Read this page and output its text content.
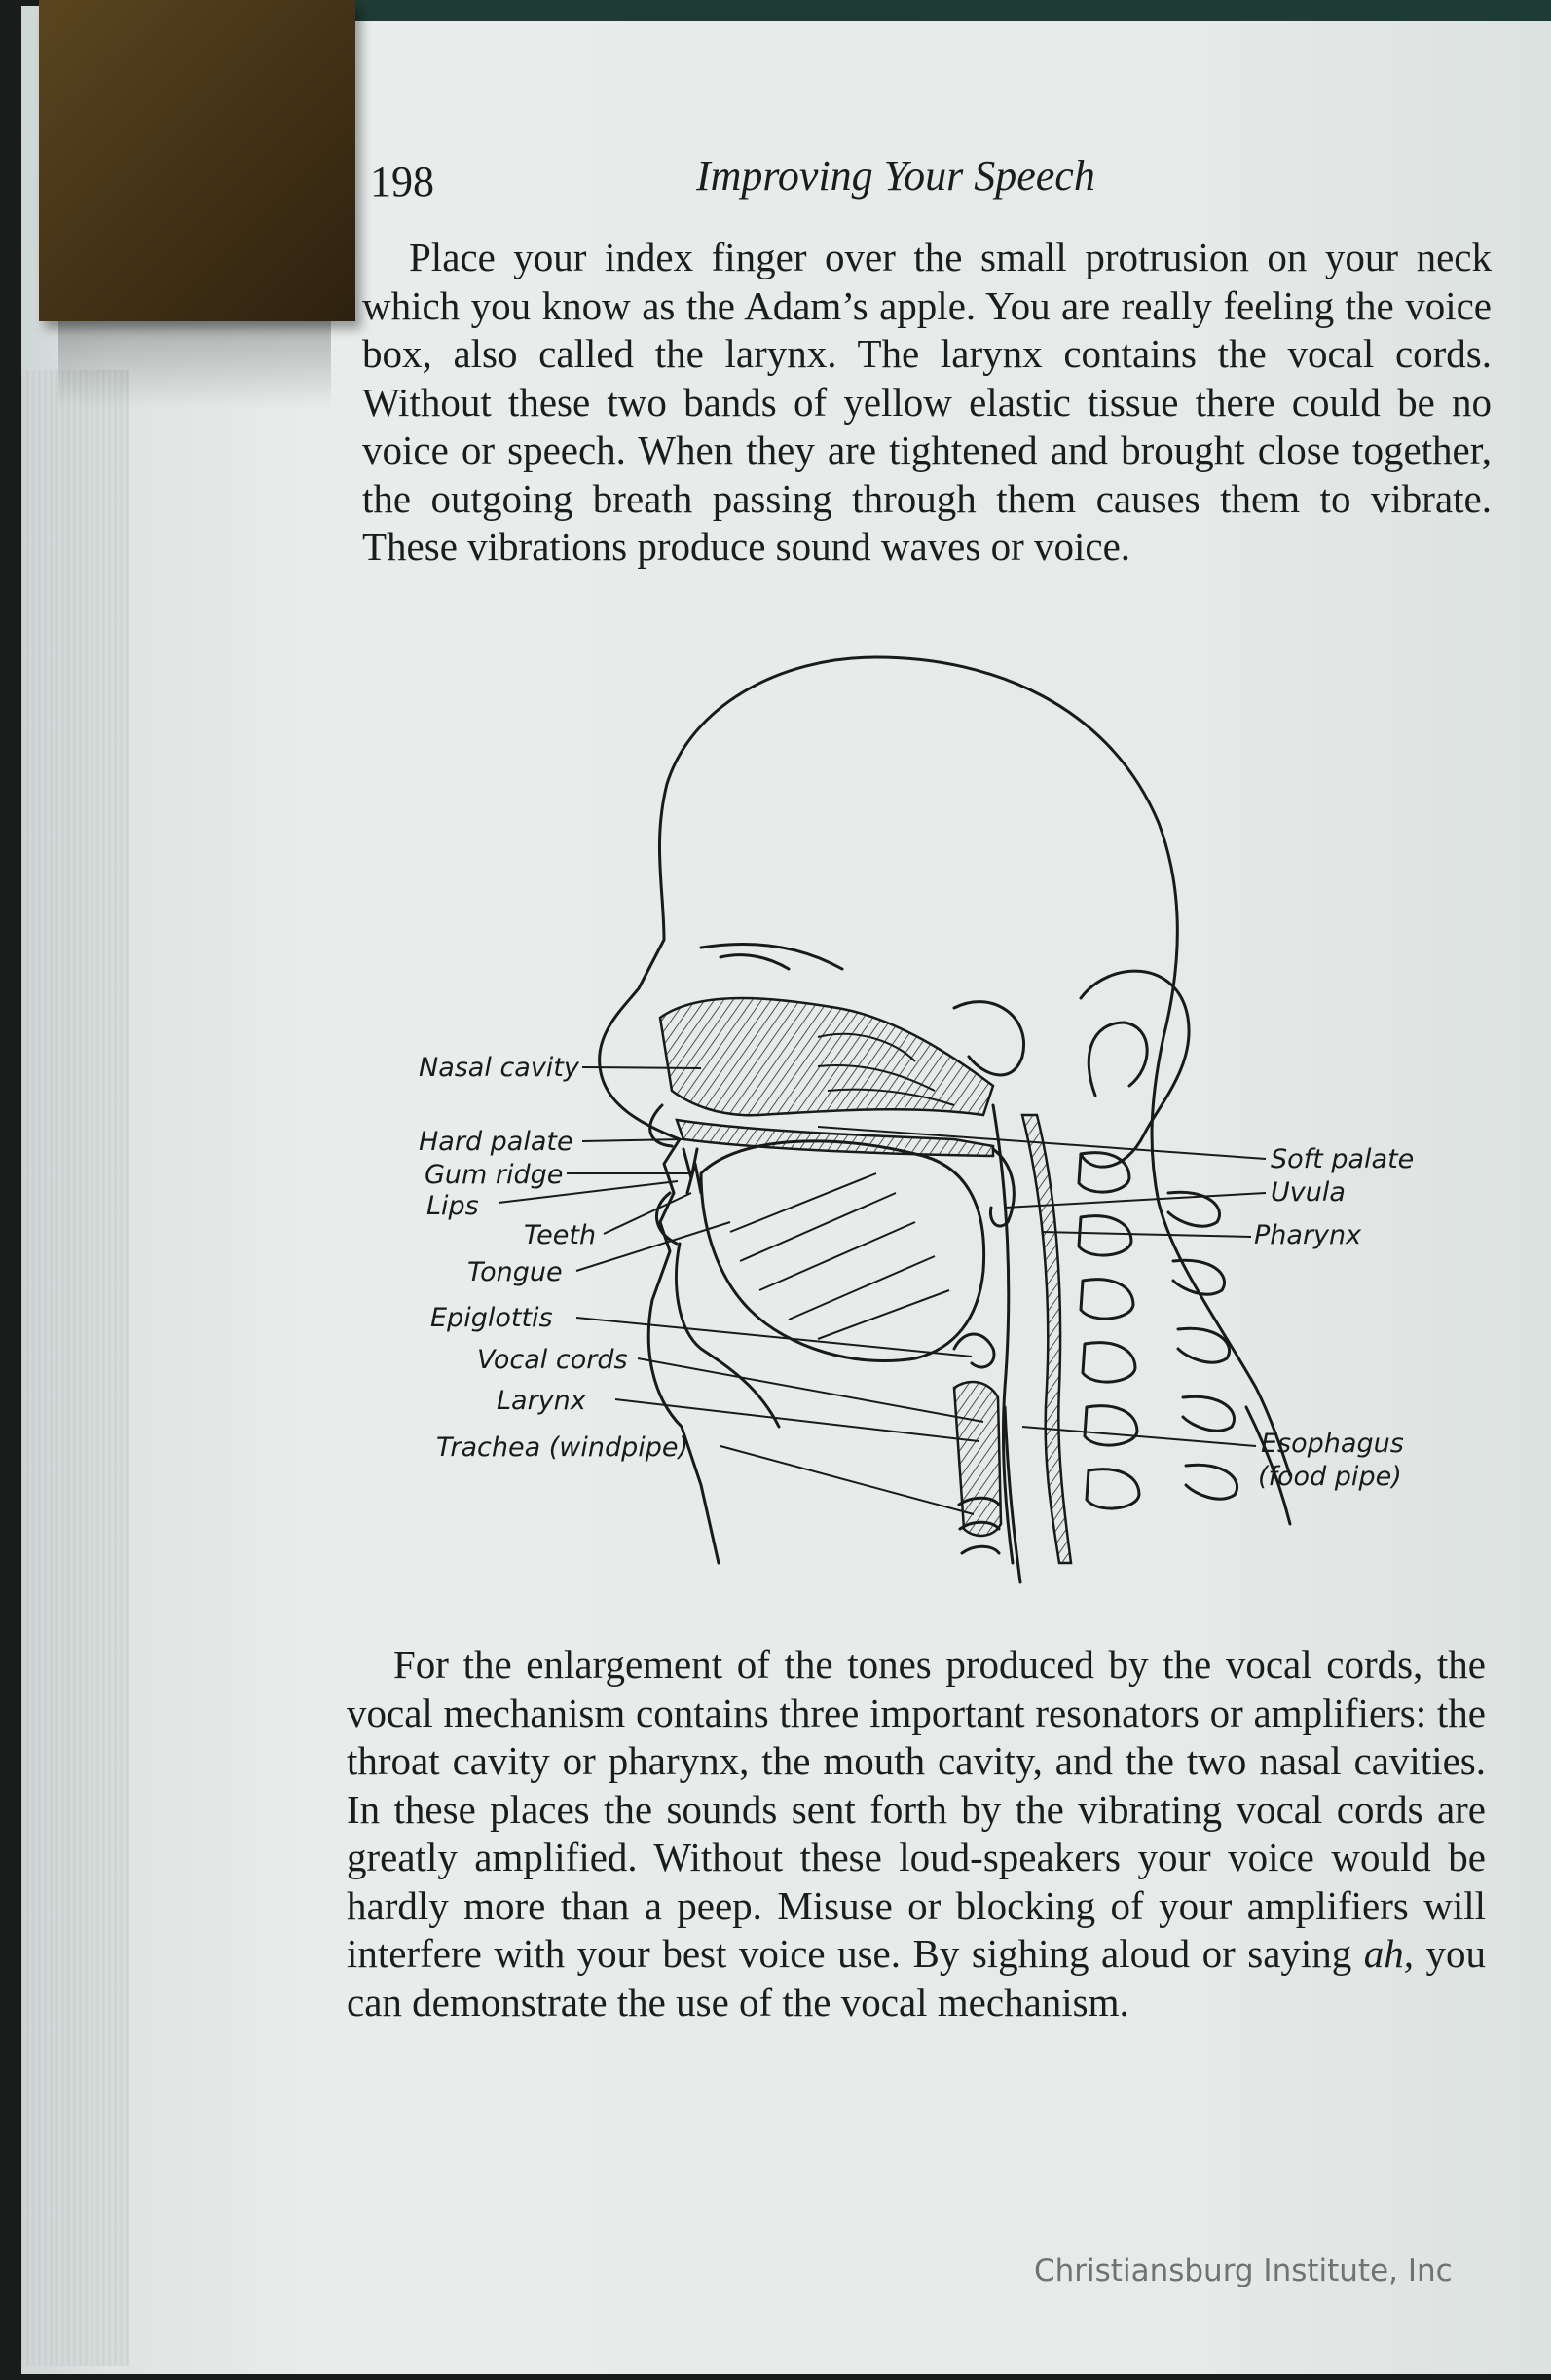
198	Improving Your Speech

Place your index finger over the small protrusion on your neck which you know as the Adam’s apple. You are really feeling the voice box, also called the larynx. The larynx contains the vocal cords. Without these two bands of yellow elastic tissue there could be no voice or speech. When they are tightened and brought close together, the outgoing breath passing through them causes them to vibrate. These vibrations produce sound waves or voice.

Nasal cavity
Hard palate
Gum ridge
Lips
Teeth
Tongue
Epiglottis
Vocal cords
Larynx
Trachea (windpipe)
Soft palate
Uvula
Pharynx
Esophagus
(food pipe)

For the enlargement of the tones produced by the vocal cords, the vocal mechanism contains three important resonators or amplifiers: the throat cavity or pharynx, the mouth cavity, and the two nasal cavities. In these places the sounds sent forth by the vibrating vocal cords are greatly amplified. Without these loud-speakers your voice would be hardly more than a peep. Misuse or blocking of your amplifiers will interfere with your best voice use. By sighing aloud or saying ah, you can demonstrate the use of the vocal mechanism.

Christiansburg Institute, Inc
